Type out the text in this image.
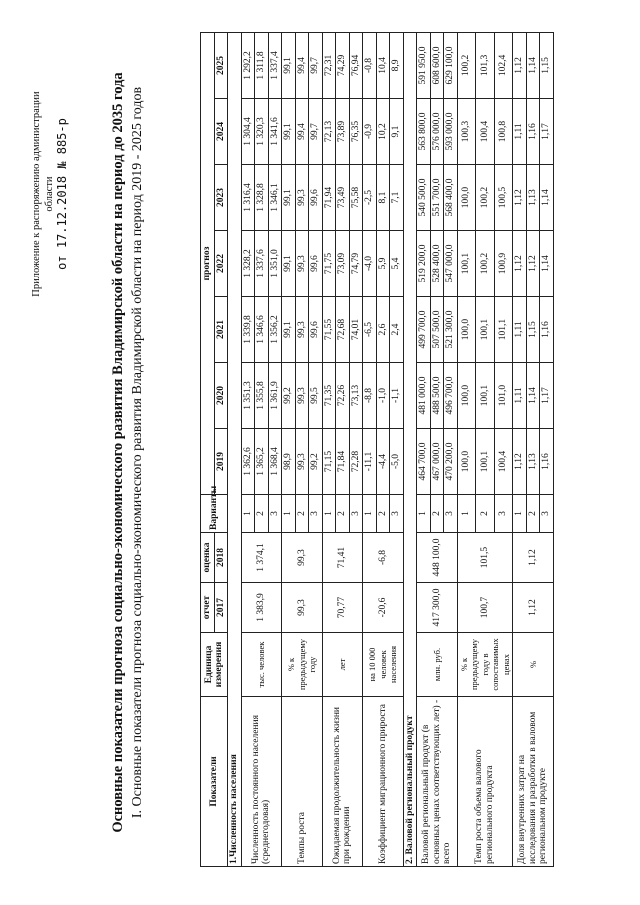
Приложение к распоряжению администрации области от 17.12.2018 № 885-р	Основные показатели прогноза социально-экономического развития Владимирской области на период до 2035 года I. Основные показатели прогноза социально-экономического развития Владимирской области на период 2019 - 2025 годов	Показатели	Единица измерения	отчет	оценка	Варианты	прогноз						
		2017	2018		2019	2020	2021	2022	2023	2024	2025
1.Численность населения											
Численность постоянного населения (среднегодовая)	тыс. человек	1 383,9	1 374,1	1	1 362,6	1 351,3	1 339,8	1 328,2	1 316,4	1 304,4	1 292,2
				2	1 365,2	1 355,8	1 346,6	1 337,6	1 328,8	1 320,3	1 311,8
				3	1 368,4	1 361,9	1 356,2	1 351,0	1 346,1	1 341,6	1 337,4
Темпы роста	% к предыдущему году	99,3	99,3	1	98,9	99,2	99,1	99,1	99,1	99,1	99,1
				2	99,3	99,3	99,3	99,3	99,3	99,4	99,4
				3	99,2	99,5	99,6	99,6	99,6	99,7	99,7
Ожидаемая продолжительность жизни при рождении	лет	70,77	71,41	1	71,15	71,35	71,55	71,75	71,94	72,13	72,31
				2	71,84	72,26	72,68	73,09	73,49	73,89	74,29
				3	72,28	73,13	74,01	74,79	75,58	76,35	76,94
Коэффициент миграционного прироста	на 10 000 человек населения	-20,6	-6,8	1	-11,1	-8,8	-6,5	-4,0	-2,5	-0,9	-0,8
				2	-4,4	-1,0	2,6	5,9	8,1	10,2	10,4
				3	-5,0	-1,1	2,4	5,4	7,1	9,1	8,9
2. Валовой региональный продукт											
Валовой региональный продукт (в основных ценах соответствующих лет) - всего	млн. руб.	417 300,0	448 100,0	1	464 700,0	481 000,0	499 700,0	519 200,0	540 500,0	563 800,0	591 950,0
				2	467 000,0	488 500,0	507 500,0	528 400,0	551 700,0	576 000,0	608 600,0
				3	470 200,0	496 700,0	521 300,0	547 000,0	568 400,0	593 000,0	629 100,0
Темп роста объема валового регионального продукта	% к предыдущему году в сопоставимых ценах	100,7	101,5	1	100,0	100,0	100,0	100,1	100,0	100,3	100,2
				2	100,1	100,1	100,1	100,2	100,2	100,4	101,3
				3	100,4	101,0	101,1	100,9	100,5	100,8	102,4
Доля внутренних затрат на исследования и разработки в валовом региональном продукте	%	1,12	1,12	1	1,12	1,11	1,11	1,12	1,12	1,11	1,12
				2	1,13	1,14	1,15	1,12	1,13	1,16	1,14
				3	1,16	1,17	1,16	1,14	1,14	1,17	1,15
